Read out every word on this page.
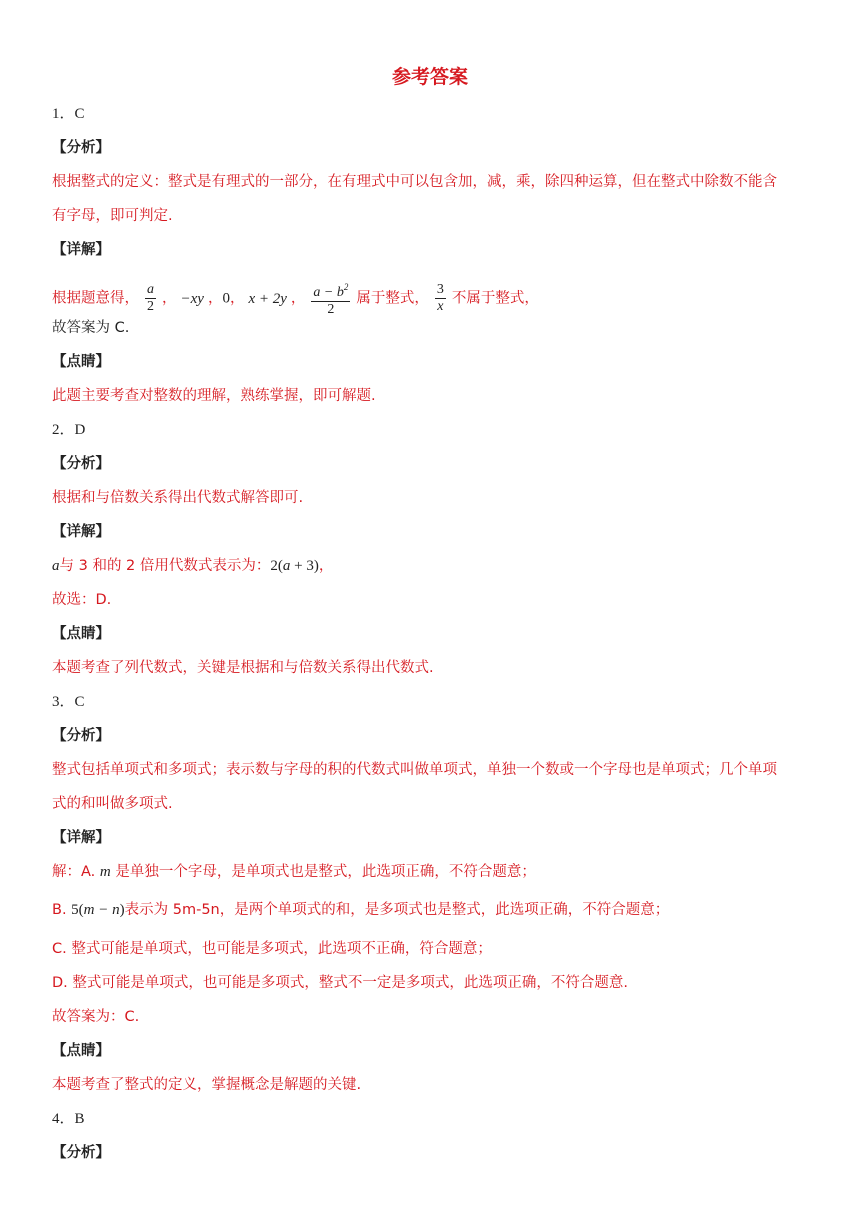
参考答案
1．C
【分析】
根据整式的定义：整式是有理式的一部分，在有理式中可以包含加，减，乘，除四种运算，但在整式中除数不能含
有字母，即可判定.
【详解】
根据题意得， $\frac{a}{2}$ ， −xy ，0， x + 2y ， $\frac{a - b^2}{2}$ 属于整式， $\frac{3}{x}$ 不属于整式，
故答案为 C.
【点睛】
此题主要考查对整数的理解，熟练掌握，即可解题.
2．D
【分析】
根据和与倍数关系得出代数式解答即可.
【详解】
a与 3 和的 2 倍用代数式表示为：2(a + 3)，
故选：D.
【点睛】
本题考查了列代数式，关键是根据和与倍数关系得出代数式.
3．C
【分析】
整式包括单项式和多项式；表示数与字母的积的代数式叫做单项式，单独一个数或一个字母也是单项式；几个单项
式的和叫做多项式.
【详解】
解：A. m 是单独一个字母，是单项式也是整式，此选项正确，不符合题意；
B. 5(m − n)表示为 5m-5n，是两个单项式的和，是多项式也是整式，此选项正确，不符合题意；
C. 整式可能是单项式，也可能是多项式，此选项不正确，符合题意；
D. 整式可能是单项式，也可能是多项式，整式不一定是多项式，此选项正确，不符合题意.
故答案为：C.
【点睛】
本题考查了整式的定义，掌握概念是解题的关键.
4．B
【分析】
